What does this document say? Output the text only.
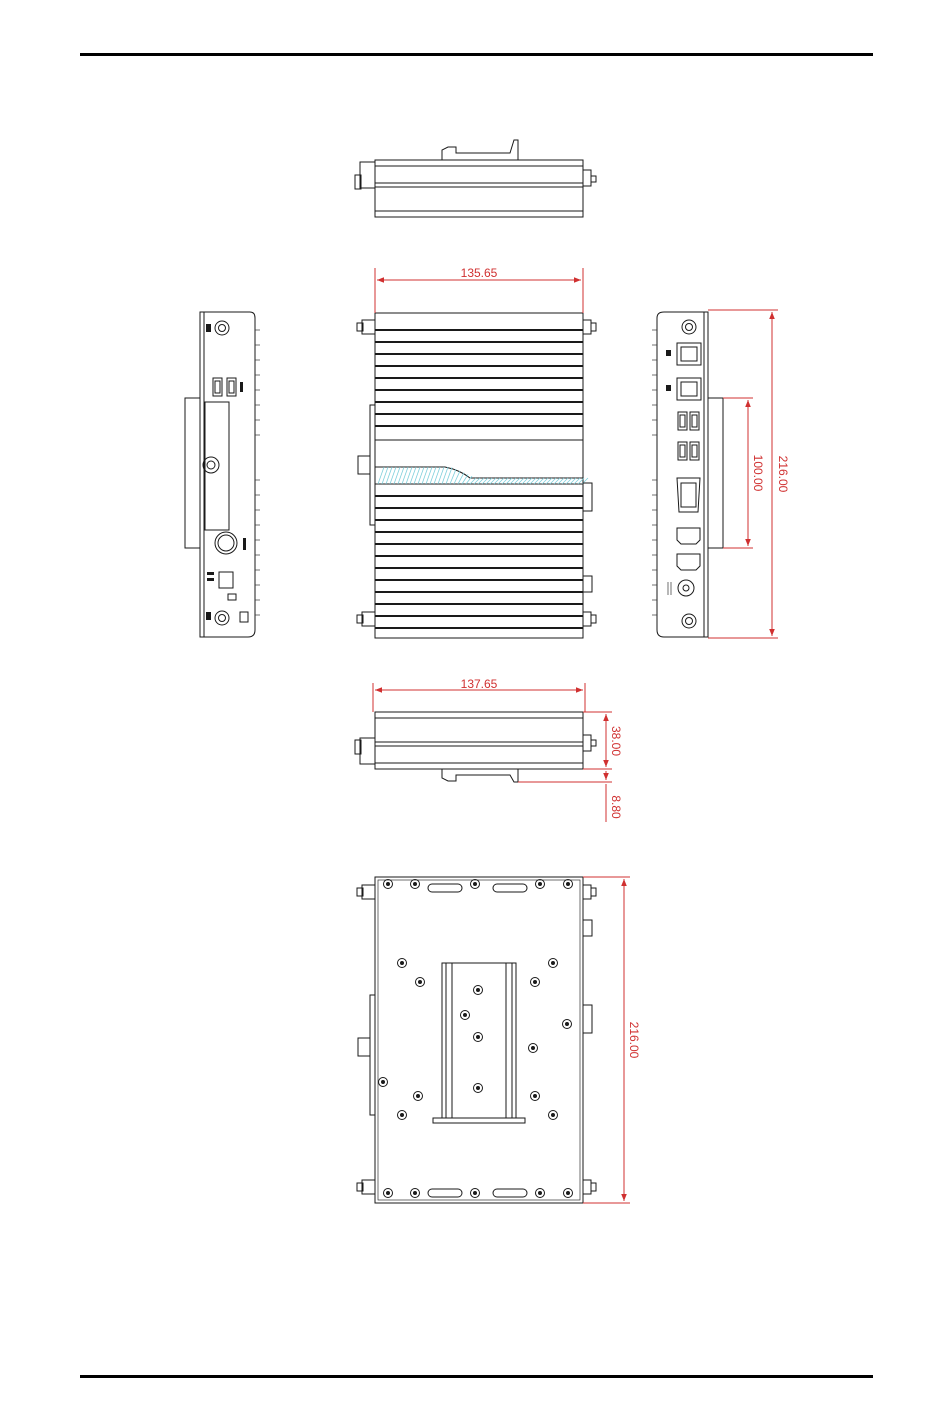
135.65
216.00
100.00
137.65
38.00
8.80
216.00
